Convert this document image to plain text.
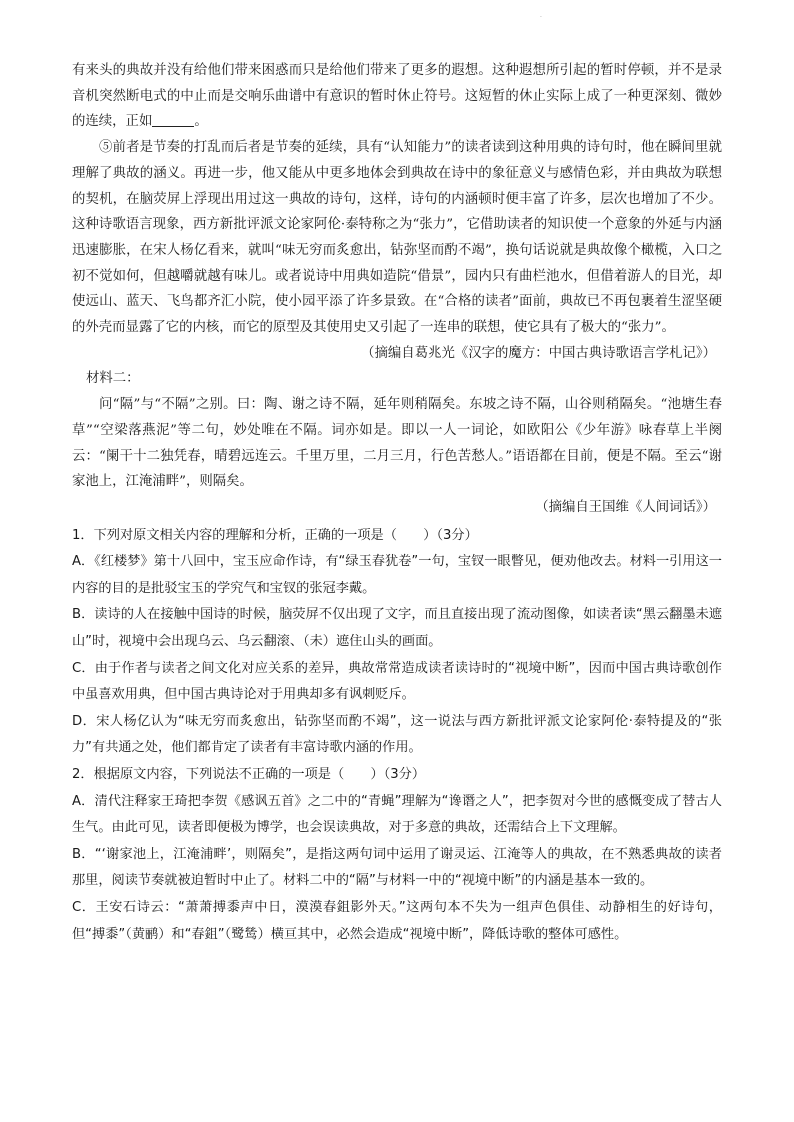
·

有来头的典故并没有给他们带来困惑而只是给他们带来了更多的遐想。这种遐想所引起的暂时停顿，并不是录音机突然断电式的中止而是交响乐曲谱中有意识的暂时休止符号。这短暂的休止实际上成了一种更深刻、微妙的连续，正如	。

⑤前者是节奏的打乱而后者是节奏的延续，具有“认知能力”的读者读到这种用典的诗句时，他在瞬间里就理解了典故的涵义。再进一步，他又能从中更多地体会到典故在诗中的象征意义与感情色彩，并由典故为联想的契机，在脑荧屏上浮现出用过这一典故的诗句，这样，诗句的内涵顿时便丰富了许多，层次也增加了不少。这种诗歌语言现象，西方新批评派文论家阿伦·泰特称之为“张力”，它借助读者的知识使一个意象的外延与内涵迅速膨胀，在宋人杨亿看来，就叫“味无穷而炙愈出，钻弥坚而酌不竭”，换句话说就是典故像个橄榄，入口之初不觉如何，但越嚼就越有味儿。或者说诗中用典如造院“借景”，园内只有曲栏池水，但借着游人的目光，却使远山、蓝天、飞鸟都齐汇小院，使小园平添了许多景致。在“合格的读者”面前，典故已不再包裹着生涩坚硬的外壳而显露了它的内核，而它的原型及其使用史又引起了一连串的联想，使它具有了极大的“张力”。

（摘编自葛兆光《汉字的魔方：中国古典诗歌语言学札记》）

材料二：

问“隔”与“不隔”之别。曰：陶、谢之诗不隔，延年则稍隔矣。东坡之诗不隔，山谷则稍隔矣。“池塘生春草”“空梁落燕泥”等二句，妙处唯在不隔。词亦如是。即以一人一词论，如欧阳公《少年游》咏春草上半阕云：“阑干十二独凭春，晴碧远连云。千里万里，二月三月，行色苦愁人。”语语都在目前，便是不隔。至云“谢家池上，江淹浦畔”，则隔矣。

（摘编自王国维《人间词话》）

1．下列对原文相关内容的理解和分析，正确的一项是（　　）（3分）

A．《红楼梦》第十八回中，宝玉应命作诗，有“绿玉春犹卷”一句，宝钗一眼瞥见，便劝他改去。材料一引用这一内容的目的是批驳宝玉的学究气和宝钗的张冠李戴。

B．读诗的人在接触中国诗的时候，脑荧屏不仅出现了文字，而且直接出现了流动图像，如读者读“黑云翻墨未遮山”时，视境中会出现乌云、乌云翻滚、（未）遮住山头的画面。

C．由于作者与读者之间文化对应关系的差异，典故常常造成读者读诗时的“视境中断”，因而中国古典诗歌创作中虽喜欢用典，但中国古典诗论对于用典却多有讽刺贬斥。

D．宋人杨亿认为“味无穷而炙愈出，钻弥坚而酌不竭”，这一说法与西方新批评派文论家阿伦·泰特提及的“张力”有共通之处，他们都肯定了读者有丰富诗歌内涵的作用。

2．根据原文内容，下列说法不正确的一项是（　　）（3分）

A．清代注释家王琦把李贺《感讽五首》之二中的“青蝇”理解为“谗谮之人”，把李贺对今世的感慨变成了替古人生气。由此可见，读者即便极为博学，也会误读典故，对于多意的典故，还需结合上下文理解。

B．“‘谢家池上，江淹浦畔’，则隔矣”，是指这两句词中运用了谢灵运、江淹等人的典故，在不熟悉典故的读者那里，阅读节奏就被迫暂时中止了。材料二中的“隔”与材料一中的“视境中断”的内涵是基本一致的。

C．王安石诗云：“萧萧搏黍声中日，漠漠春鉏影外天。”这两句本不失为一组声色俱佳、动静相生的好诗句，但“搏黍”（黄鹂）和“春鉏”（鹭鸶）横亘其中，必然会造成“视境中断”，降低诗歌的整体可感性。
